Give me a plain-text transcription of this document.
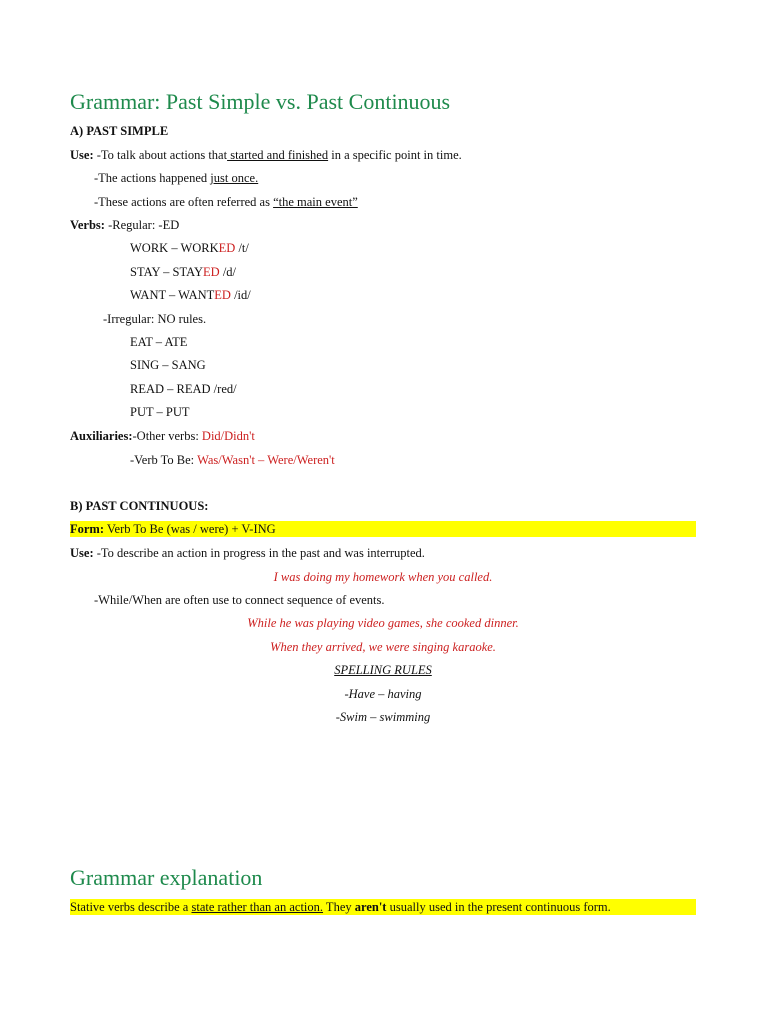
Grammar: Past Simple vs. Past Continuous
A) PAST SIMPLE
Use: -To talk about actions that started and finished in a specific point in time.
-The actions happened just once.
-These actions are often referred as “the main event”
Verbs: -Regular: -ED
WORK – WORKED /t/
STAY – STAYED /d/
WANT – WANTED /id/
-Irregular: NO rules.
EAT – ATE
SING – SANG
READ – READ /red/
PUT – PUT
Auxiliaries:-Other verbs: Did/Didn't
-Verb To Be: Was/Wasn't – Were/Weren't
B) PAST CONTINUOUS:
Form: Verb To Be (was / were) + V-ING
Use: -To describe an action in progress in the past and was interrupted.
I was doing my homework when you called.
-While/When are often use to connect sequence of events.
While he was playing video games, she cooked dinner.
When they arrived, we were singing karaoke.
SPELLING RULES
-Have – having
-Swim – swimming
Grammar explanation
Stative verbs describe a state rather than an action. They aren't usually used in the present continuous form.
